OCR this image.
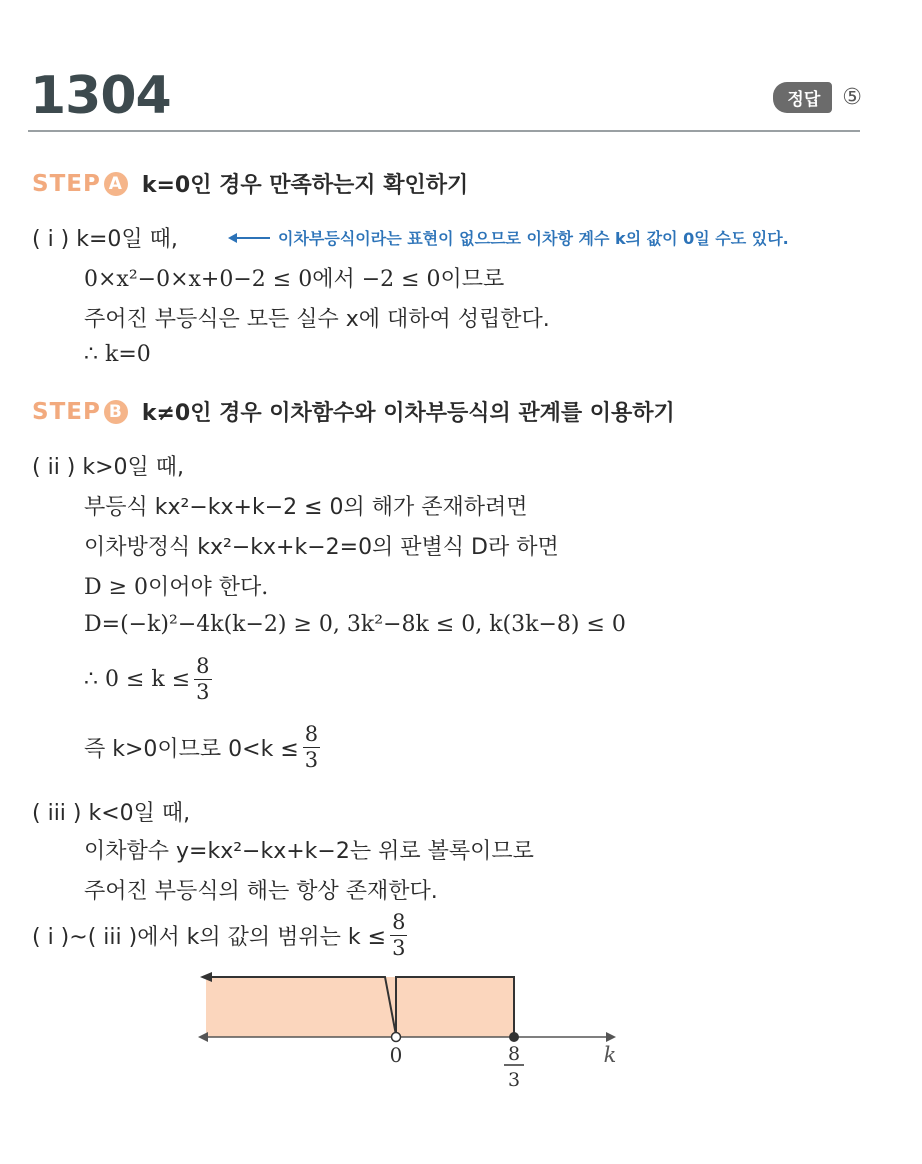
1304	정답	⑤
STEP A k=0인 경우 만족하는지 확인하기
( i ) k=0일 때,	이차부등식이라는 표현이 없으므로 이차항 계수 k의 값이 0일 수도 있다.
0×x²−0×x+0−2 ≤ 0에서 −2 ≤ 0이므로
주어진 부등식은 모든 실수 x에 대하여 성립한다.
∴ k=0
STEP B k≠0인 경우 이차함수와 이차부등식의 관계를 이용하기
( ii ) k>0일 때,
부등식 kx²−kx+k−2 ≤ 0의 해가 존재하려면
이차방정식 kx²−kx+k−2=0의 판별식 D라 하면
D ≥ 0이어야 한다.
D=(−k)²−4k(k−2) ≥ 0, 3k²−8k ≤ 0, k(3k−8) ≤ 0
∴ $0 \le k \le \frac{8}{3}$
즉 k>0이므로 $0<k \le \frac{8}{3}$
( iii ) k<0일 때,
이차함수 y=kx²−kx+k−2는 위로 볼록이므로
주어진 부등식의 해는 항상 존재한다.
( i )~( iii )에서 k의 값의 범위는 $k \le \frac{8}{3}$
0	8
3
k
